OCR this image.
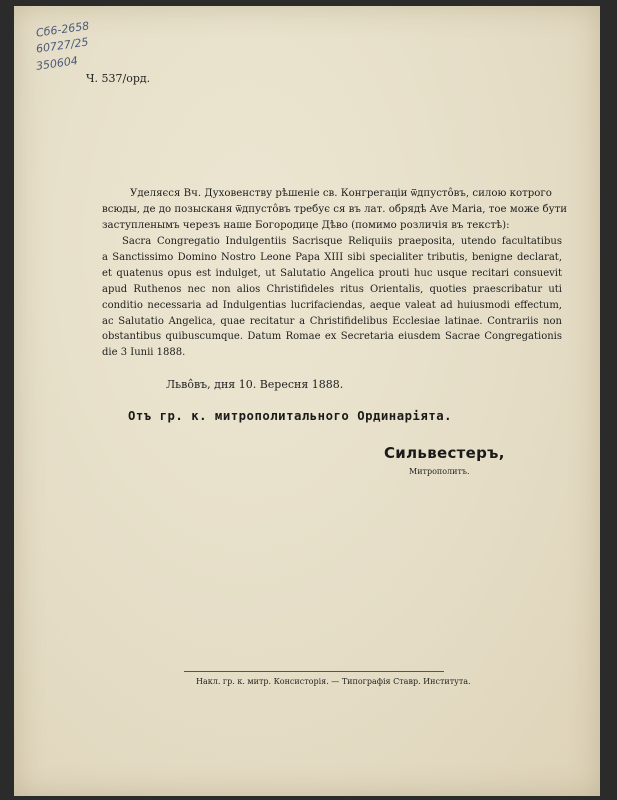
Сб6-2658
60727/25
350604
Ч. 537/орд.
Уделяєся Вч. Духовенству рѣшеніе св. Конгрегаціи ѿдпустôвъ, силою котрого
всюды, де до позысканя ѿдпустôвъ требує ся въ лат. обрядѣ Ave Maria, тое може бути
заступленымъ черезъ наше Богородице Дѣво (помимо розличія въ текстѣ):
Sacra Congregatio Indulgentiis Sacrisque Reliquiis praeposita, utendo facultatibus
a Sanctissimo Domino Nostro Leone Papa XIII sibi specialiter tributis, benigne declarat,
et quatenus opus est indulget, ut Salutatio Angelica prouti huc usque recitari consuevit
apud Ruthenos nec non alios Christifideles ritus Orientalis, quoties praescribatur uti
conditio necessaria ad Indulgentias lucrifaciendas, aeque valeat ad huiusmodi effectum,
ac Salutatio Angelica, quae recitatur a Christifidelibus Ecclesiae latinae. Contrariis non
obstantibus quibuscumque. Datum Romae ex Secretaria eiusdem Sacrae Congregationis
die 3 Iunii 1888.
Львôвъ, дня 10. Вересня 1888.
Отъ гр. к. митрополитального Ординаріята.
Сильвестеръ,
Митрополитъ.
Накл. гр. к. митр. Консисторія. — Типографія Ставр. Института.
